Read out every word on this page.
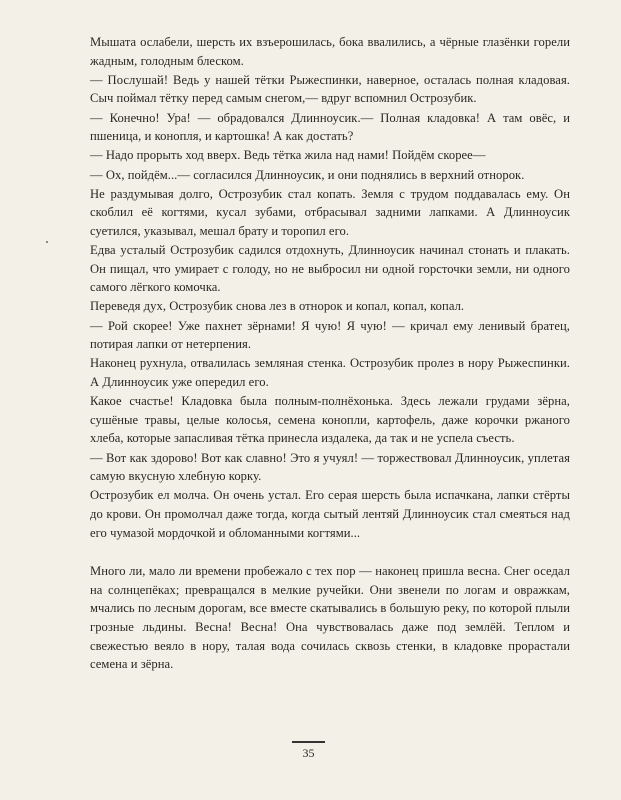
Мышата ослабели, шерсть их взъерошилась, бока ввалились, а чёрные глазёнки горели жадным, голодным блеском.

— Послушай! Ведь у нашей тётки Рыжеспинки, наверное, осталась полная кладовая. Сыч поймал тётку перед самым снегом,— вдруг вспомнил Острозубик.

— Конечно! Ура! — обрадовался Длинноусик.— Полная кладовка! А там овёс, и пшеница, и конопля, и картошка! А как достать?

— Надо прорыть ход вверх. Ведь тётка жила над нами! Пойдём скорее—

— Ох, пойдём...— согласился Длинноусик, и они поднялись в верхний отнорок.

Не раздумывая долго, Острозубик стал копать. Земля с трудом поддавалась ему. Он скоблил её когтями, кусал зубами, отбрасывал задними лапками. А Длинноусик суетился, указывал, мешал брату и торопил его.

Едва усталый Острозубик садился отдохнуть, Длинноусик начинал стонать и плакать. Он пищал, что умирает с голоду, но не выбросил ни одной горсточки земли, ни одного самого лёгкого комочка.

Переведя дух, Острозубик снова лез в отнорок и копал, копал, копал.

— Рой скорее! Уже пахнет зёрнами! Я чую! Я чую! — кричал ему ленивый братец, потирая лапки от нетерпения.

Наконец рухнула, отвалилась земляная стенка. Острозубик пролез в нору Рыжеспинки. А Длинноусик уже опередил его.

Какое счастье! Кладовка была полным-полнёхонька. Здесь лежали грудами зёрна, сушёные травы, целые колосья, семена конопли, картофель, даже корочки ржаного хлеба, которые запасливая тётка принесла издалека, да так и не успела съесть.

— Вот как здорово! Вот как славно! Это я учуял! — торжествовал Длинноусик, уплетая самую вкусную хлебную корку.

Острозубик ел молча. Он очень устал. Его серая шерсть была испачкана, лапки стёрты до крови. Он промолчал даже тогда, когда сытый лентяй Длинноусик стал смеяться над его чумазой мордочкой и обломанными когтями...

Много ли, мало ли времени пробежало с тех пор — наконец пришла весна. Снег оседал на солнцепёках; превращался в мелкие ручейки. Они звенели по логам и овражкам, мчались по лесным дорогам, все вместе скатывались в большую реку, по которой плыли грозные льдины. Весна! Весна! Она чувствовалась даже под землёй. Теплом и свежестью веяло в нору, талая вода сочилась сквозь стенки, в кладовке прорастали семена и зёрна.

35
